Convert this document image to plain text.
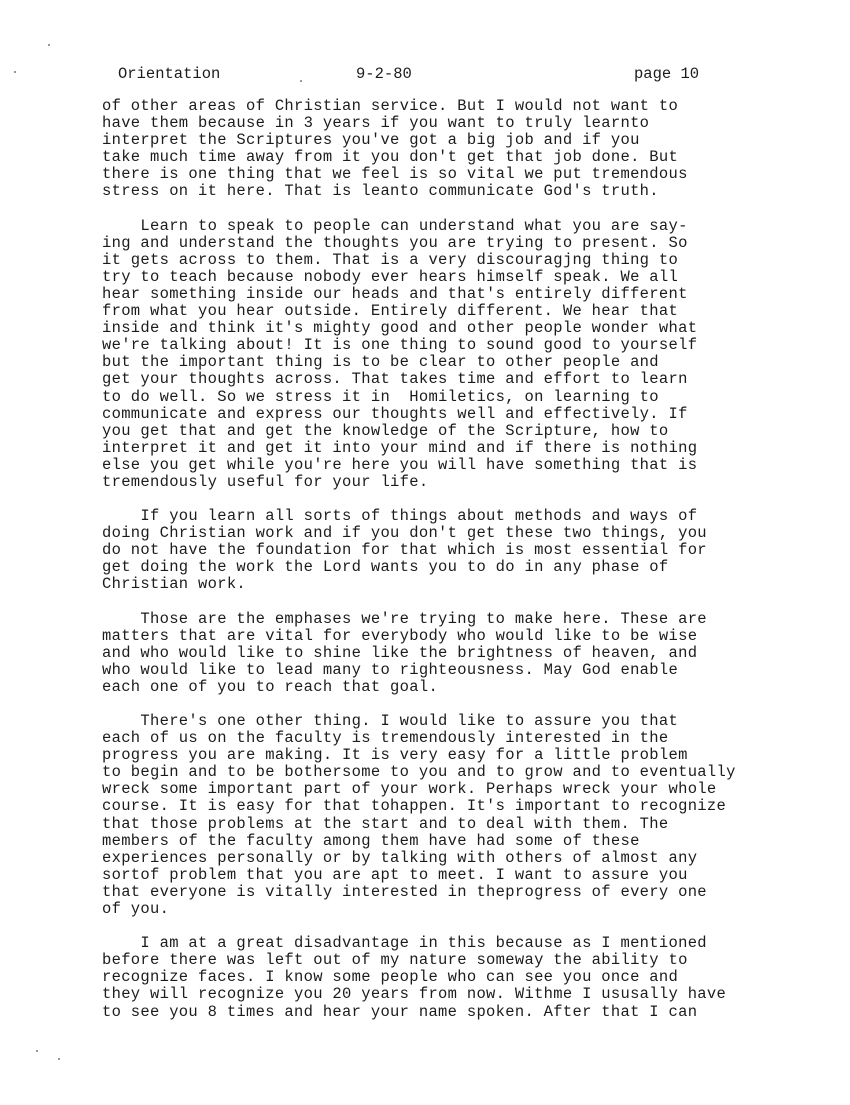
Orientation	9-2-80	page 10
of other areas of Christian service. But I would not want to
have them because in 3 years if you want to truly learnto
interpret the Scriptures you've got a big job and if you
take much time away from it you don't get that job done. But
there is one thing that we feel is so vital we put tremendous
stress on it here. That is leanto communicate God's truth.
Learn to speak to people can understand what you are say-
ing and understand the thoughts you are trying to present. So
it gets across to them. That is a very discouragjng thing to
try to teach because nobody ever hears himself speak. We all
hear something inside our heads and that's entirely different
from what you hear outside. Entirely different. We hear that
inside and think it's mighty good and other people wonder what
we're talking about! It is one thing to sound good to yourself
but the important thing is to be clear to other people and
get your thoughts across. That takes time and effort to learn
to do well. So we stress it in  Homiletics, on learning to
communicate and express our thoughts well and effectively. If
you get that and get the knowledge of the Scripture, how to
interpret it and get it into your mind and if there is nothing
else you get while you're here you will have something that is
tremendously useful for your life.
If you learn all sorts of things about methods and ways of
doing Christian work and if you don't get these two things, you
do not have the foundation for that which is most essential for
get doing the work the Lord wants you to do in any phase of
Christian work.
Those are the emphases we're trying to make here. These are
matters that are vital for everybody who would like to be wise
and who would like to shine like the brightness of heaven, and
who would like to lead many to righteousness. May God enable
each one of you to reach that goal.
There's one other thing. I would like to assure you that
each of us on the faculty is tremendously interested in the
progress you are making. It is very easy for a little problem
to begin and to be bothersome to you and to grow and to eventually
wreck some important part of your work. Perhaps wreck your whole
course. It is easy for that tohappen. It's important to recognize
that those problems at the start and to deal with them. The
members of the faculty among them have had some of these
experiences personally or by talking with others of almost any
sortof problem that you are apt to meet. I want to assure you
that everyone is vitally interested in theprogress of every one
of you.
I am at a great disadvantage in this because as I mentioned
before there was left out of my nature someway the ability to
recognize faces. I know some people who can see you once and
they will recognize you 20 years from now. Withme I ususally have
to see you 8 times and hear your name spoken. After that I can
